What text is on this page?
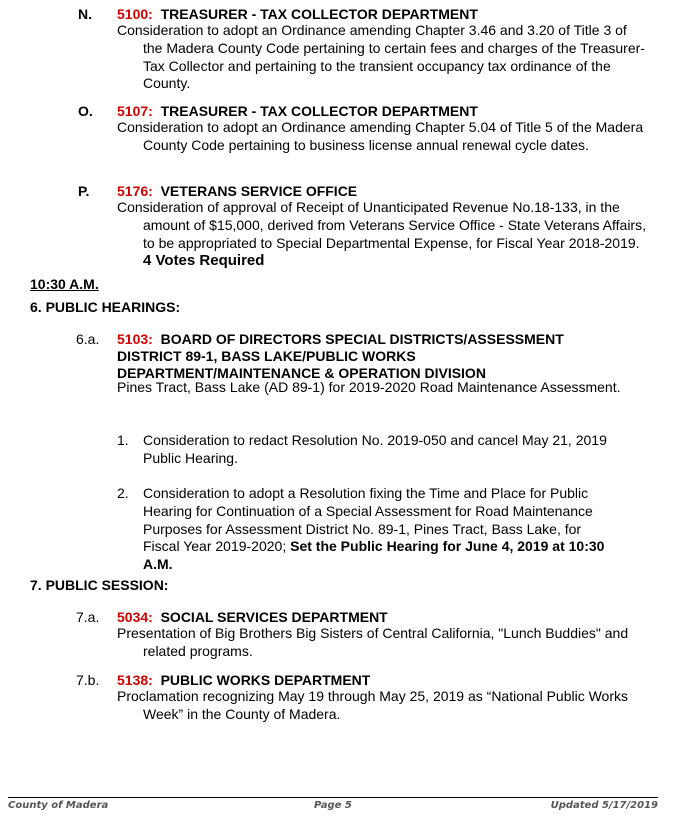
N. 5100: TREASURER - TAX COLLECTOR DEPARTMENT
Consideration to adopt an Ordinance amending Chapter 3.46 and 3.20 of Title 3 of the Madera County Code pertaining to certain fees and charges of the Treasurer-Tax Collector and pertaining to the transient occupancy tax ordinance of the County.
O. 5107: TREASURER - TAX COLLECTOR DEPARTMENT
Consideration to adopt an Ordinance amending Chapter 5.04 of Title 5 of the Madera County Code pertaining to business license annual renewal cycle dates.
P. 5176: VETERANS SERVICE OFFICE
Consideration of approval of Receipt of Unanticipated Revenue No.18-133, in the amount of $15,000, derived from Veterans Service Office - State Veterans Affairs, to be appropriated to Special Departmental Expense, for Fiscal Year 2018-2019. 4 Votes Required
10:30 A.M.
6. PUBLIC HEARINGS:
6.a. 5103: BOARD OF DIRECTORS SPECIAL DISTRICTS/ASSESSMENT
DISTRICT 89-1, BASS LAKE/PUBLIC WORKS
DEPARTMENT/MAINTENANCE & OPERATION DIVISION
Pines Tract, Bass Lake (AD 89-1) for 2019-2020 Road Maintenance Assessment.
1. Consideration to redact Resolution No. 2019-050 and cancel May 21, 2019 Public Hearing.
2. Consideration to adopt a Resolution fixing the Time and Place for Public Hearing for Continuation of a Special Assessment for Road Maintenance Purposes for Assessment District No. 89-1, Pines Tract, Bass Lake, for Fiscal Year 2019-2020; Set the Public Hearing for June 4, 2019 at 10:30 A.M.
7. PUBLIC SESSION:
7.a. 5034: SOCIAL SERVICES DEPARTMENT
Presentation of Big Brothers Big Sisters of Central California, "Lunch Buddies" and related programs.
7.b. 5138: PUBLIC WORKS DEPARTMENT
Proclamation recognizing May 19 through May 25, 2019 as “National Public Works Week” in the County of Madera.
County of Madera	Page 5	Updated 5/17/2019
